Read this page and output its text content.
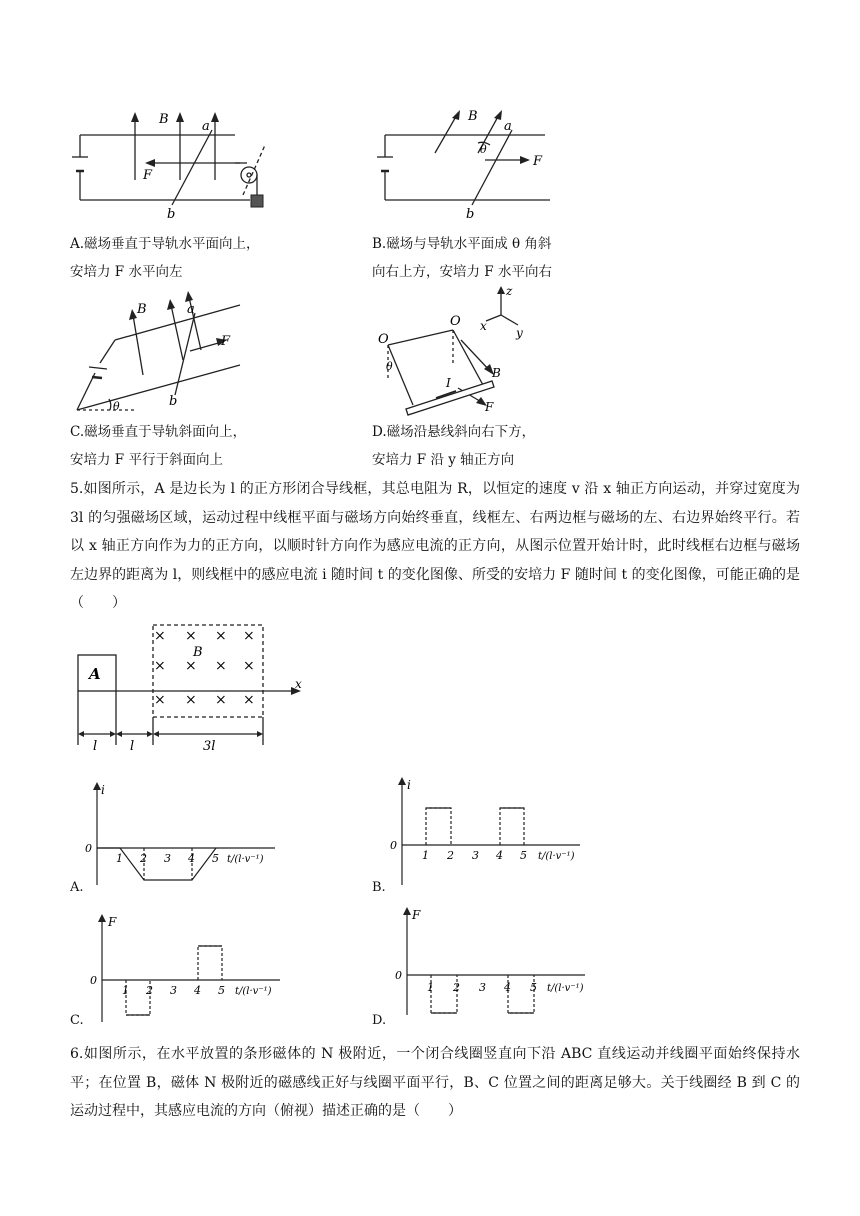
B	a
b
F
B
a
b
F
θ
A.磁场垂直于导轨水平面向上，
安培力 F 水平向左
B.磁场与导轨水平面成 θ 角斜
向右上方，安培力 F 水平向右
B	a
b
F
θ
O
O
z
x y
θ
I
B
F
C.磁场垂直于导轨斜面向上，
安培力 F 平行于斜面向上
D.磁场沿悬线斜向右下方，
安培力 F 沿 y 轴正方向
5.如图所示，A 是边长为 l 的正方形闭合导线框，其总电阻为 R，以恒定的速度 v 沿 x 轴正方向运动，并穿过宽度为 3l 的匀强磁场区域，运动过程中线框平面与磁场方向始终垂直，线框左、右两边框与磁场的左、右边界始终平行。若以 x 轴正方向作为力的正方向，以顺时针方向作为感应电流的正方向，从图示位置开始计时，此时线框右边框与磁场左边界的距离为 l，则线框中的感应电流 i 随时间 t 的变化图像、所受的安培力 F 随时间 t 的变化图像，可能正确的是（　　）
A
B
x
l	l	3l
× × × ×
× × × ×
× × × ×
i
0
1 2 3 4 5 t/(l·v⁻¹)
A.
i
0
1 2 3 4 5 t/(l·v⁻¹)
B.
F
0
1 2 3 4 5 t/(l·v⁻¹)
C.
F
0
1 2 3 4 5 t/(l·v⁻¹)
D.
6.如图所示，在水平放置的条形磁体的 N 极附近，一个闭合线圈竖直向下沿 ABC 直线运动并线圈平面始终保持水平；在位置 B，磁体 N 极附近的磁感线正好与线圈平面平行，B、C 位置之间的距离足够大。关于线圈经 B 到 C 的运动过程中，其感应电流的方向（俯视）描述正确的是（　　）
